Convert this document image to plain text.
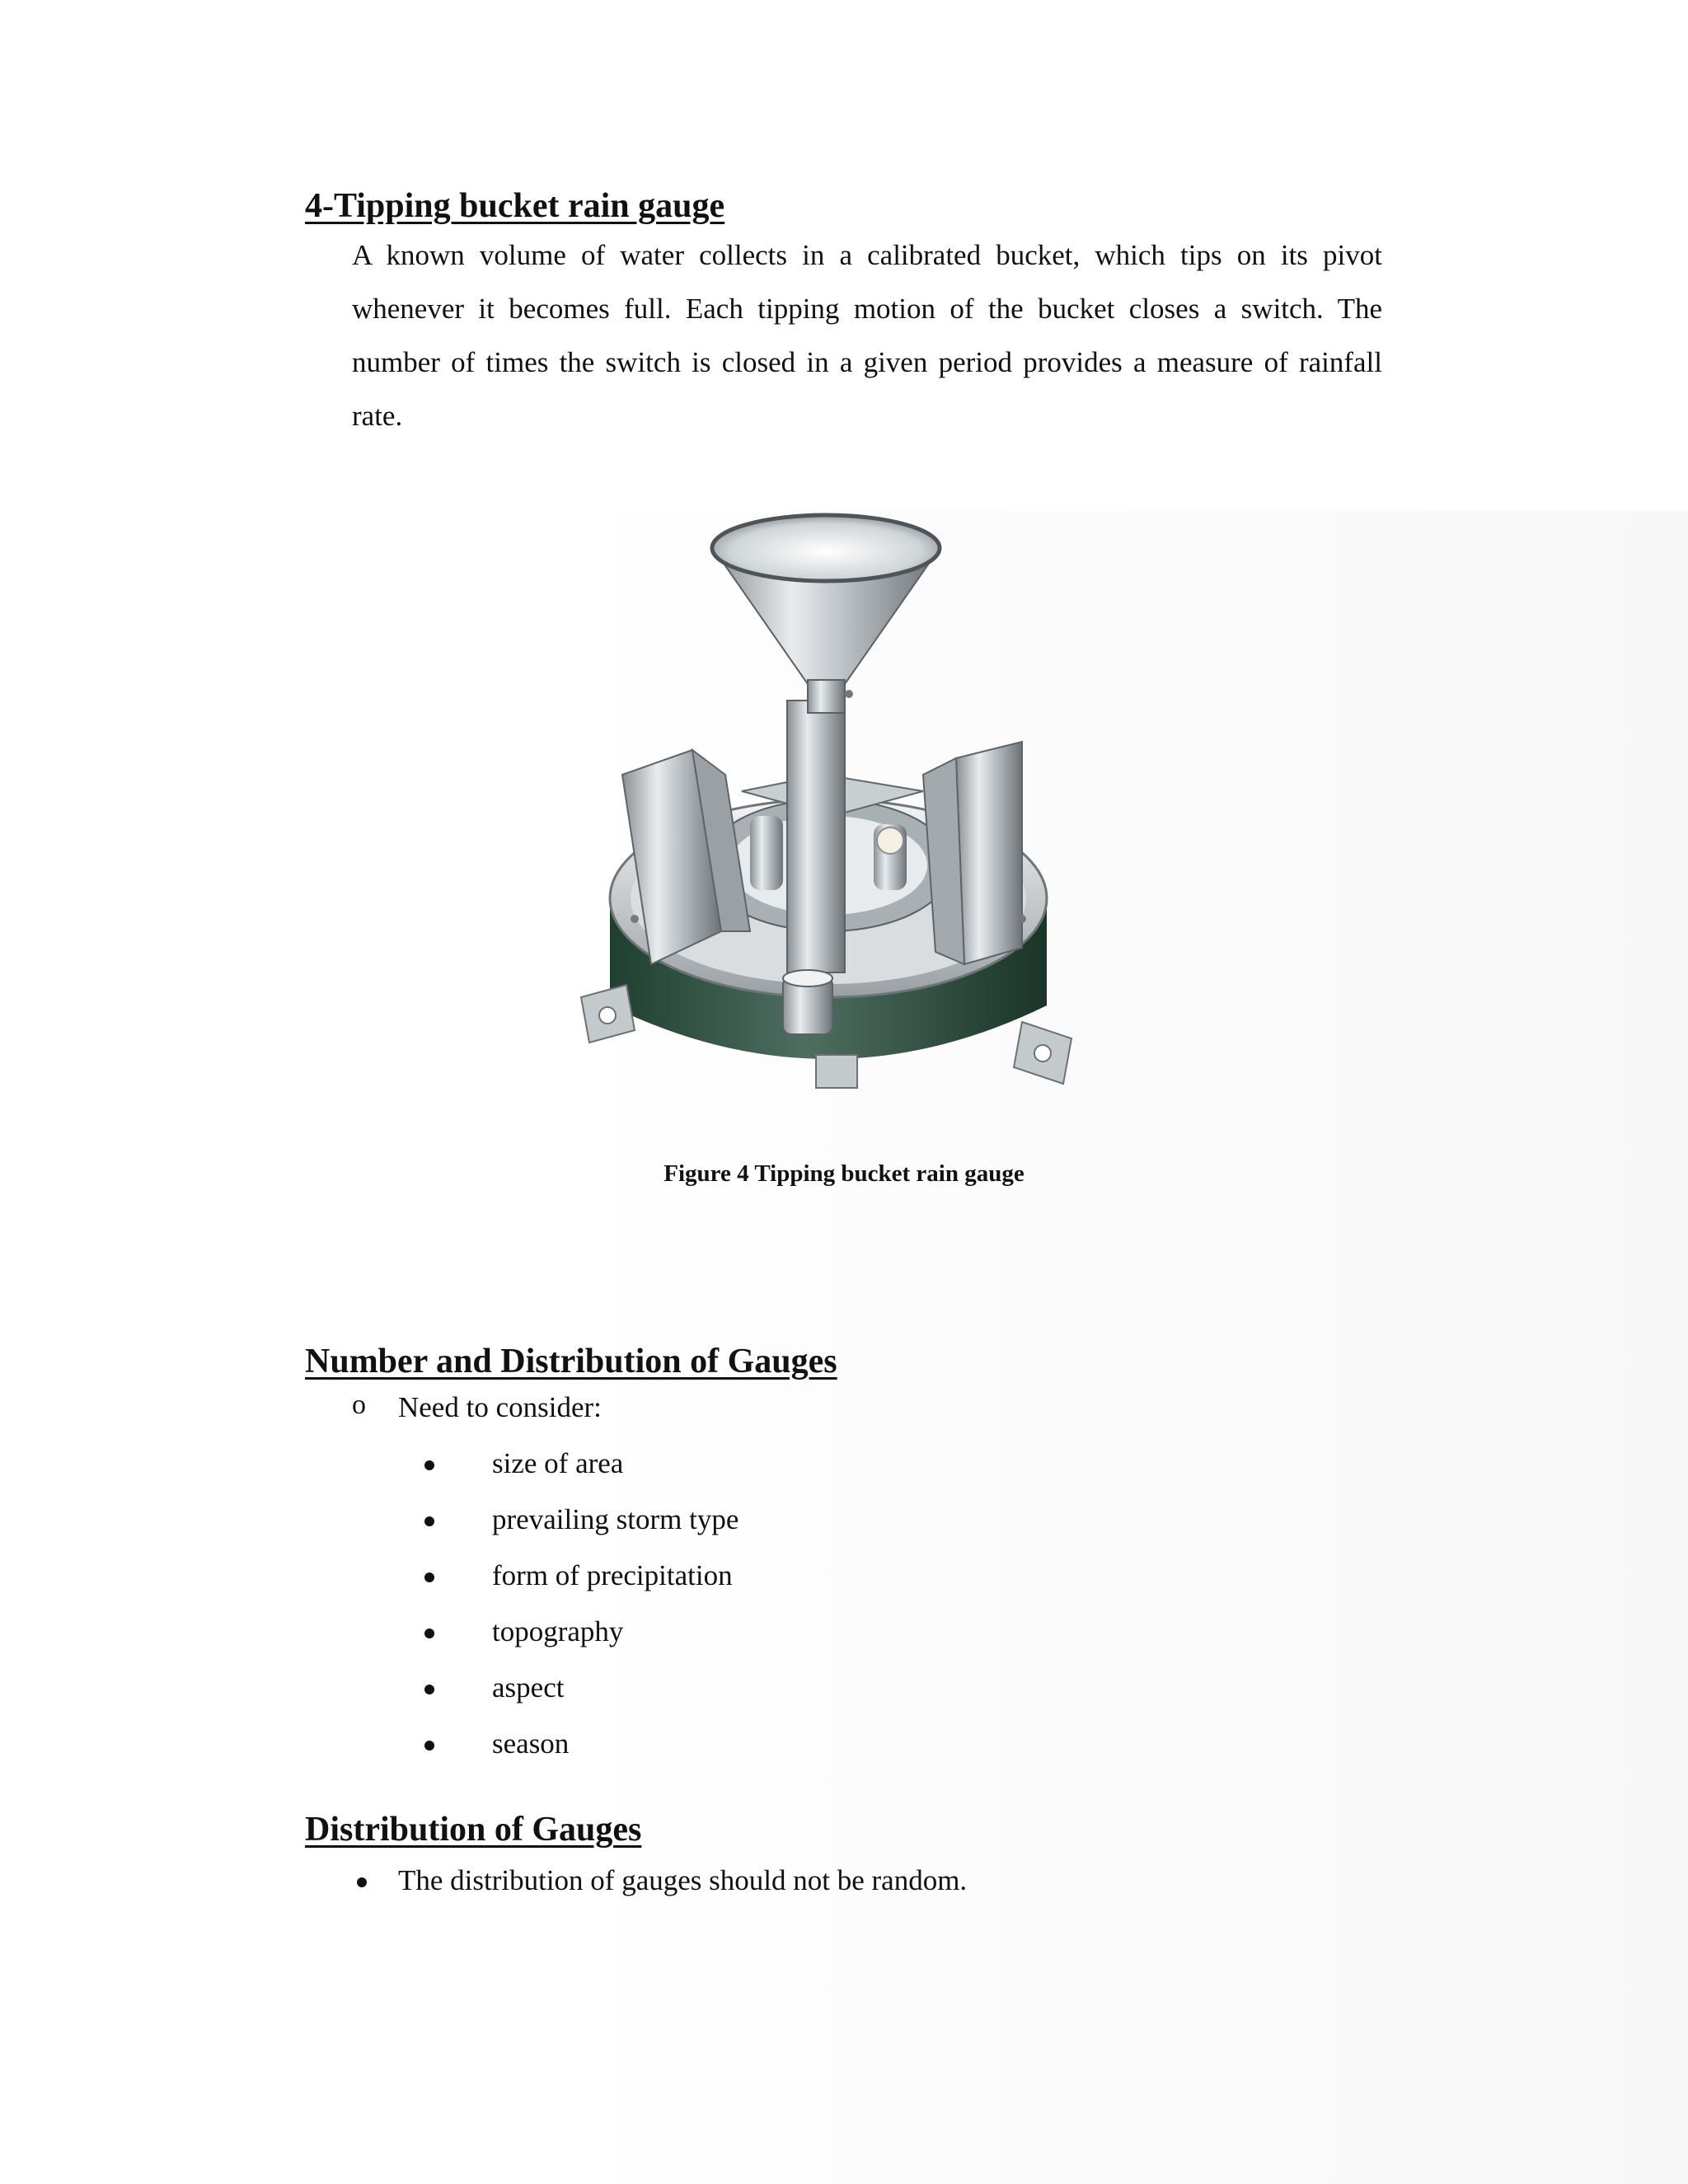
4-Tipping bucket rain gauge

A known volume of water collects in a calibrated bucket, which tips on its pivot whenever it becomes full. Each tipping motion of the bucket closes a switch. The number of times the switch is closed in a given period provides a measure of rainfall rate.

Figure 4 Tipping bucket rain gauge

Number and Distribution of Gauges
o Need to consider:
size of area
prevailing storm type
form of precipitation
topography
aspect
season
Distribution of Gauges
The distribution of gauges should not be random.
